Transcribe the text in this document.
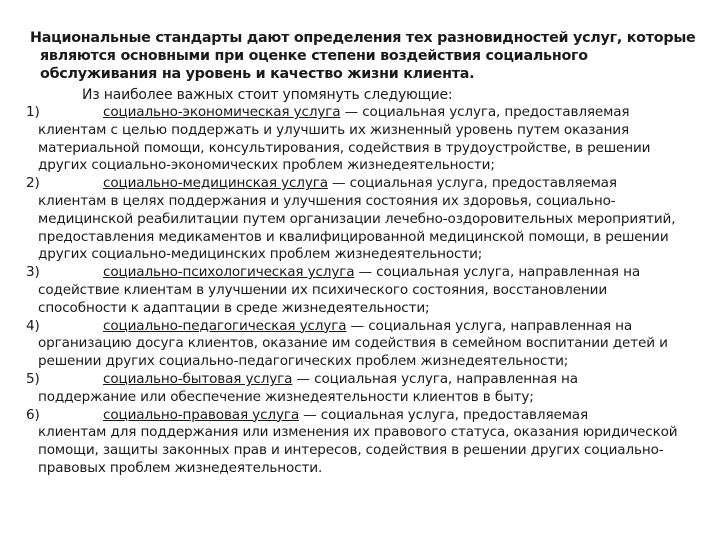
Национальные стандарты дают определения тех разновидностей услуг, которые
являются основными при оценке степени воздействия социального обслуживания на уровень и качество жизни клиента.
Из наиболее важных стоит упомянуть следующие:
1)	социально-экономическая услуга — социальная услуга, предоставляемая
клиентам с целью поддержать и улучшить их жизненный уровень путем оказания материальной помощи, консультирования, содействия в трудоустройстве, в решении других социально-экономических проблем жизнедеятельности;
2)	социально-медицинская услуга — социальная услуга, предоставляемая
клиентам в целях поддержания и улучшения состояния их здоровья, социально-медицинской реабилитации путем организации лечебно-оздоровительных мероприятий, предоставления медикаментов и квалифицированной медицинской помощи, в решении других социально-медицинских проблем жизнедеятельности;
3)	социально-психологическая услуга — социальная услуга, направленная на
содействие клиентам в улучшении их психического состояния, восстановлении способности к адаптации в среде жизнедеятельности;
4)	социально-педагогическая услуга — социальная услуга, направленная на
организацию досуга клиентов, оказание им содействия в семейном воспитании детей и решении других социально-педагогических проблем жизнедеятельности;
5)	социально-бытовая услуга — социальная услуга, направленная на
поддержание или обеспечение жизнедеятельности клиентов в быту;
6)	социально-правовая услуга — социальная услуга, предоставляемая
клиентам для поддержания или изменения их правового статуса, оказания юридической помощи, защиты законных прав и интересов, содействия в решении других социально- правовых проблем жизнедеятельности.
